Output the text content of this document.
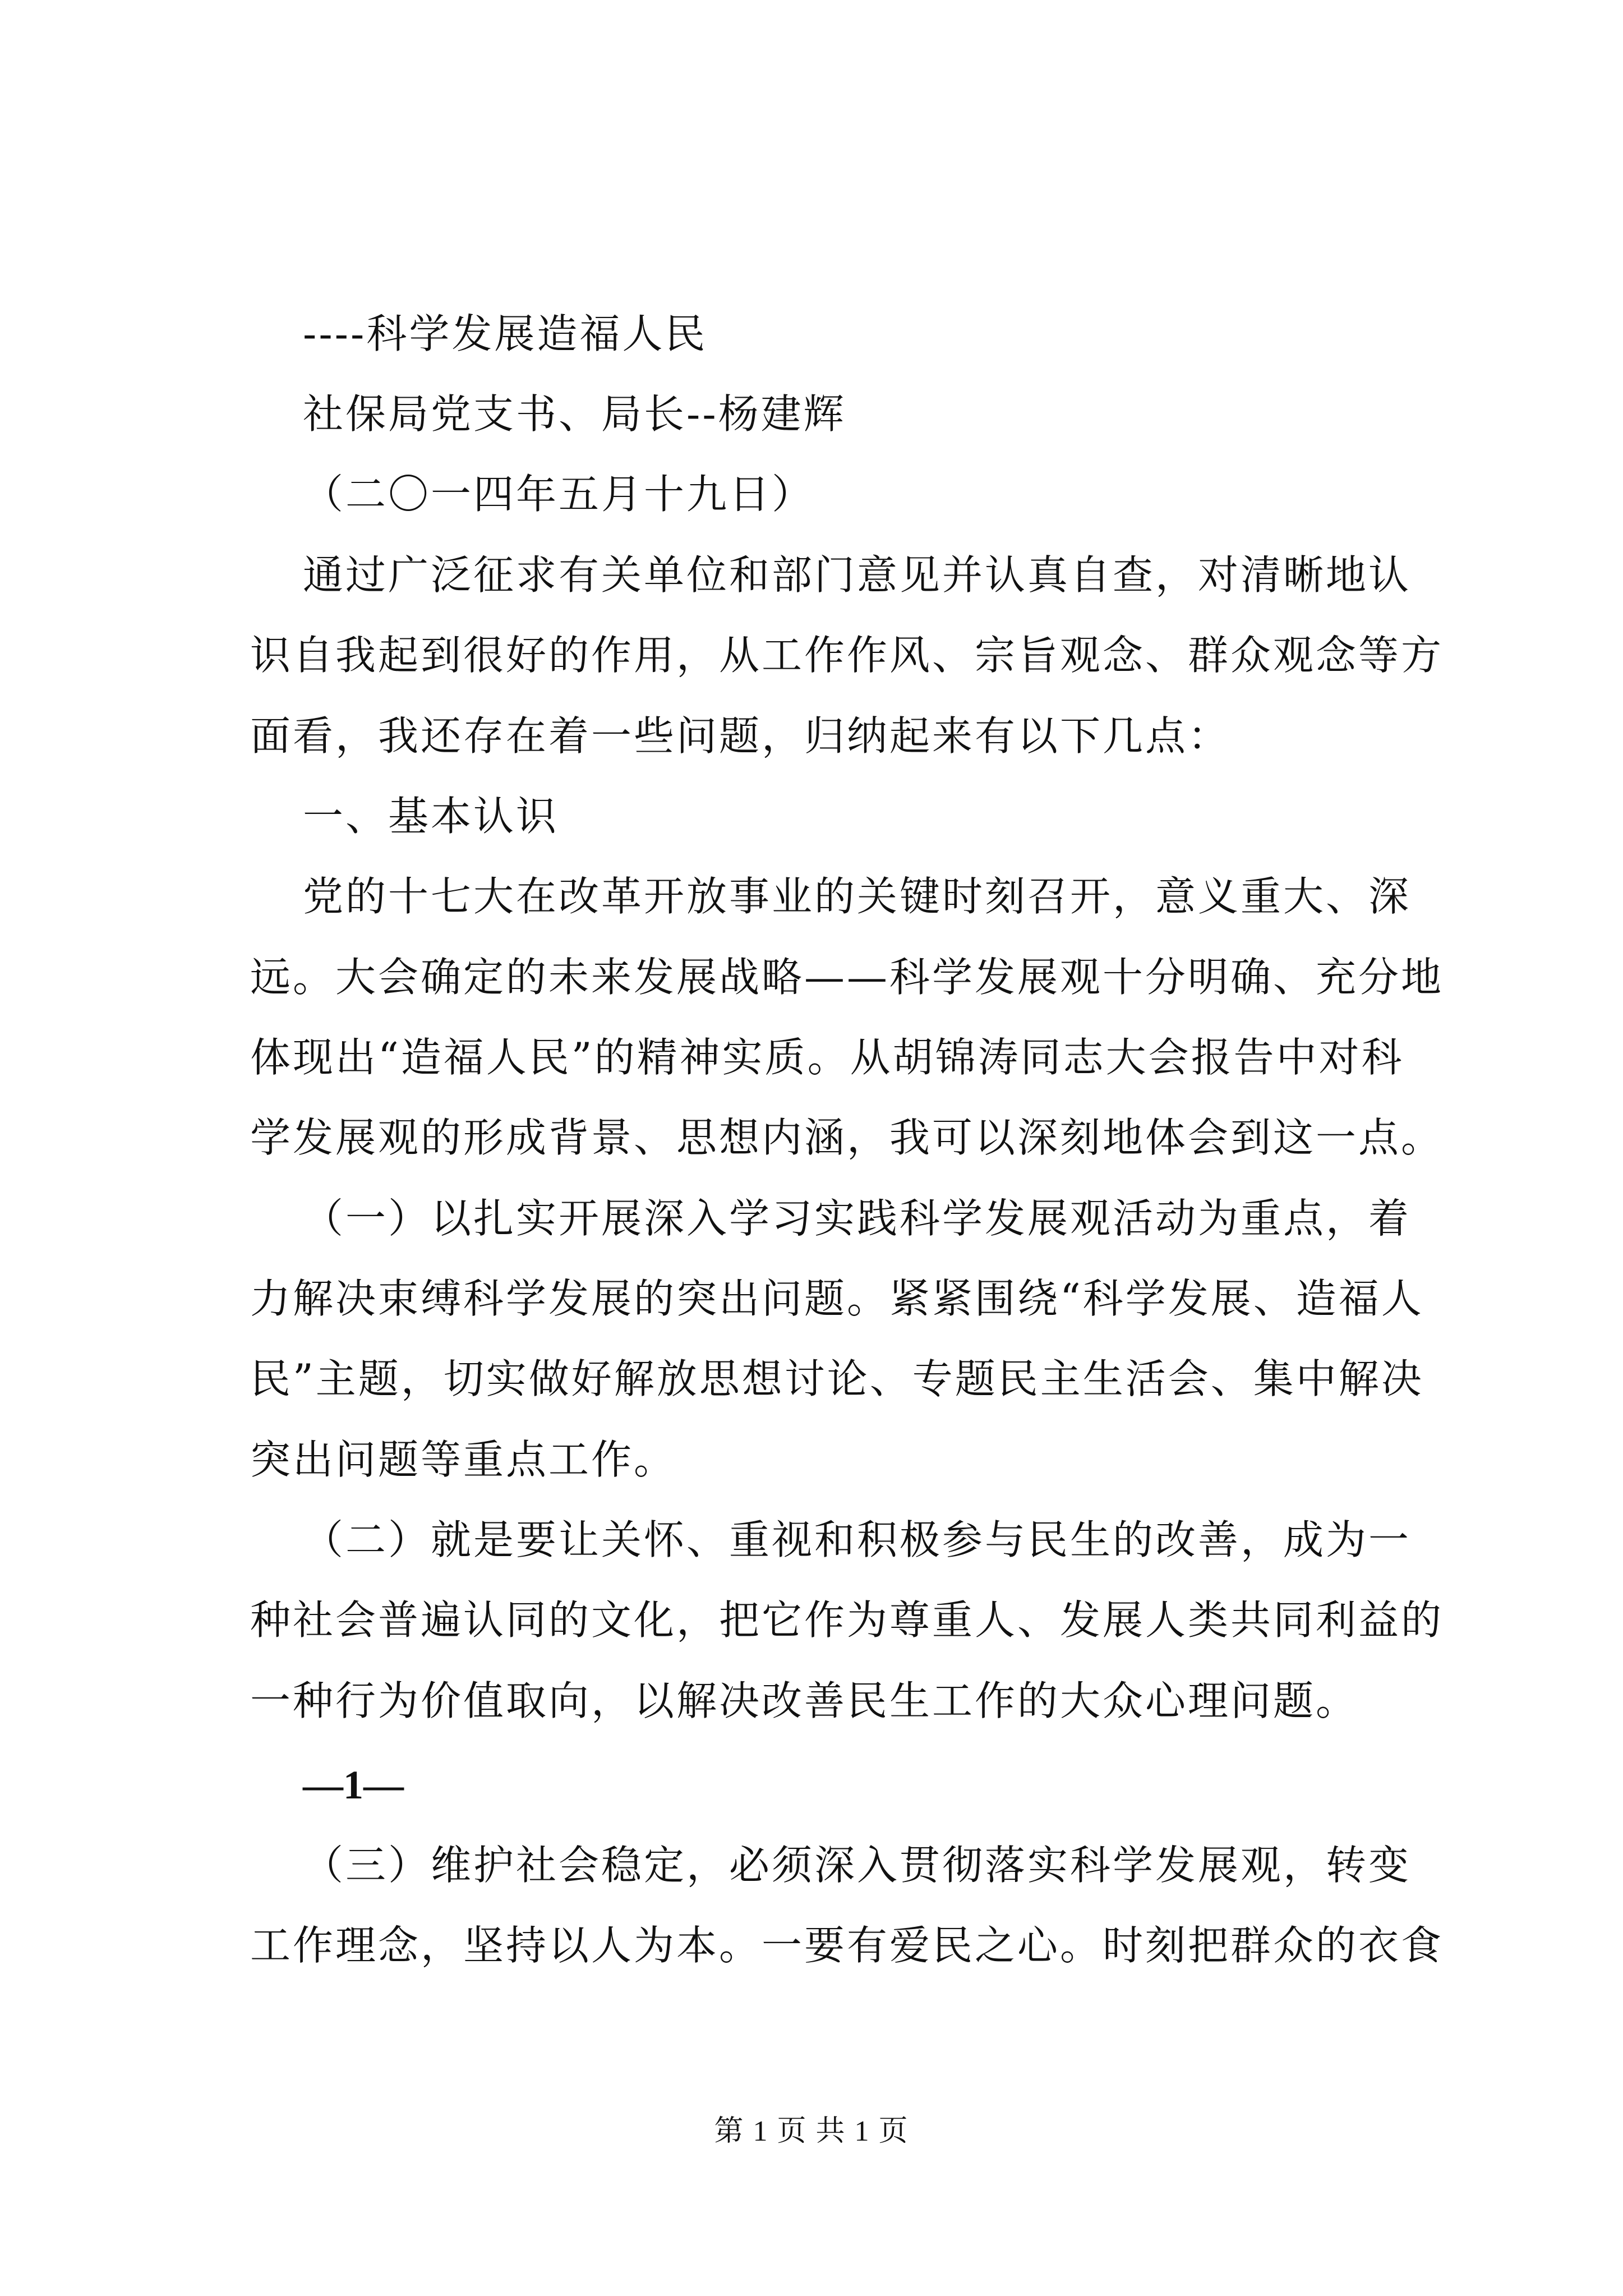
----科学发展造福人民

社保局党支书、局长--杨建辉

（二〇一四年五月十九日）

通过广泛征求有关单位和部门意见并认真自查，对清晰地认

识自我起到很好的作用，从工作作风、宗旨观念、群众观念等方

面看，我还存在着一些问题，归纳起来有以下几点：

一、基本认识

党的十七大在改革开放事业的关键时刻召开，意义重大、深

远。大会确定的未来发展战略——科学发展观十分明确、充分地

体现出“造福人民”的精神实质。从胡锦涛同志大会报告中对科

学发展观的形成背景、思想内涵，我可以深刻地体会到这一点。

（一）以扎实开展深入学习实践科学发展观活动为重点，着

力解决束缚科学发展的突出问题。紧紧围绕“科学发展、造福人

民”主题，切实做好解放思想讨论、专题民主生活会、集中解决

突出问题等重点工作。

（二）就是要让关怀、重视和积极参与民生的改善，成为一

种社会普遍认同的文化，把它作为尊重人、发展人类共同利益的

一种行为价值取向，以解决改善民生工作的大众心理问题。

—1—

（三）维护社会稳定，必须深入贯彻落实科学发展观，转变

工作理念，坚持以人为本。一要有爱民之心。时刻把群众的衣食

第 1 页 共 1 页
